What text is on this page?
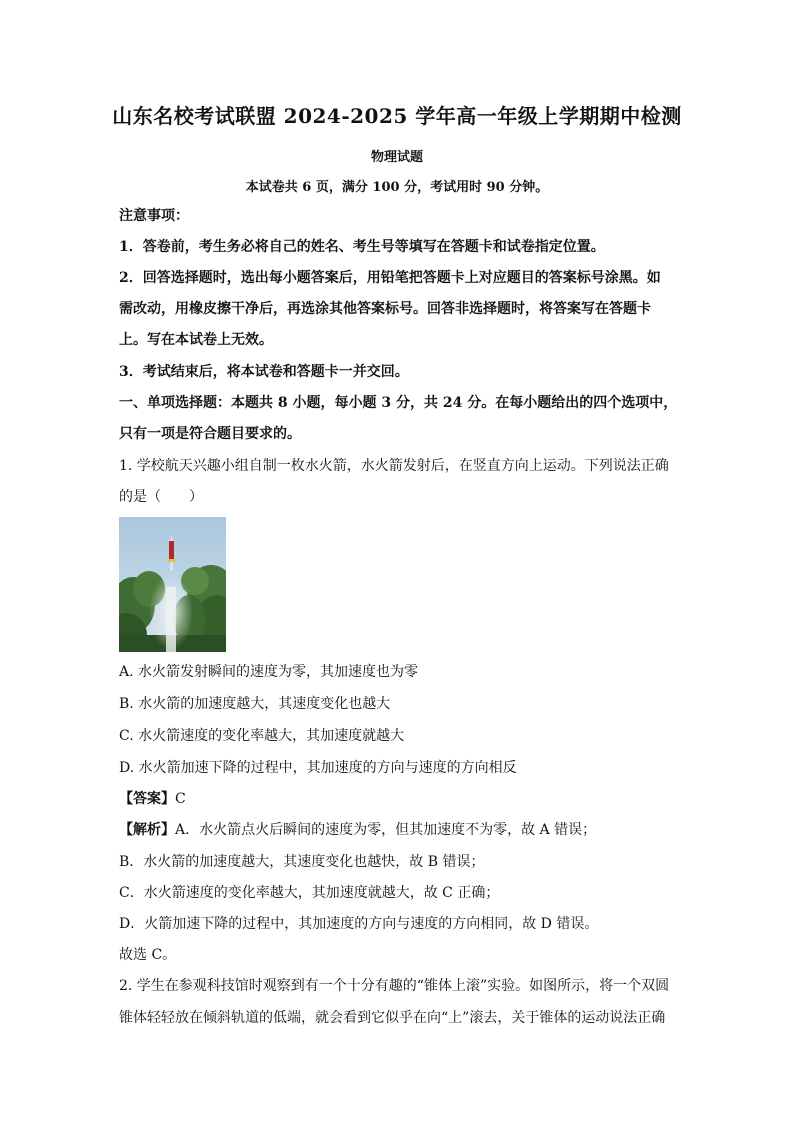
山东名校考试联盟 2024-2025 学年高一年级上学期期中检测
物理试题
本试卷共 6 页，满分 100 分，考试用时 90 分钟。
注意事项：
1．答卷前，考生务必将自己的姓名、考生号等填写在答题卡和试卷指定位置。
2．回答选择题时，选出每小题答案后，用铅笔把答题卡上对应题目的答案标号涂黑。如
需改动，用橡皮擦干净后，再选涂其他答案标号。回答非选择题时，将答案写在答题卡
上。写在本试卷上无效。
3．考试结束后，将本试卷和答题卡一并交回。
一、单项选择题：本题共 8 小题，每小题 3 分，共 24 分。在每小题给出的四个选项中，
只有一项是符合题目要求的。
1. 学校航天兴趣小组自制一枚水火箭，水火箭发射后，在竖直方向上运动。下列说法正确
的是（　　）
A. 水火箭发射瞬间的速度为零，其加速度也为零
B. 水火箭的加速度越大，其速度变化也越大
C. 水火箭速度的变化率越大，其加速度就越大
D. 水火箭加速下降的过程中，其加速度的方向与速度的方向相反
【答案】C
【解析】A．水火箭点火后瞬间的速度为零，但其加速度不为零，故 A 错误；
B．水火箭的加速度越大，其速度变化也越快，故 B 错误；
C．水火箭速度的变化率越大，其加速度就越大，故 C 正确；
D．火箭加速下降的过程中，其加速度的方向与速度的方向相同，故 D 错误。
故选 C。
2. 学生在参观科技馆时观察到有一个十分有趣的“锥体上滚”实验。如图所示，将一个双圆
锥体轻轻放在倾斜轨道的低端，就会看到它似乎在向“上”滚去，关于锥体的运动说法正确
